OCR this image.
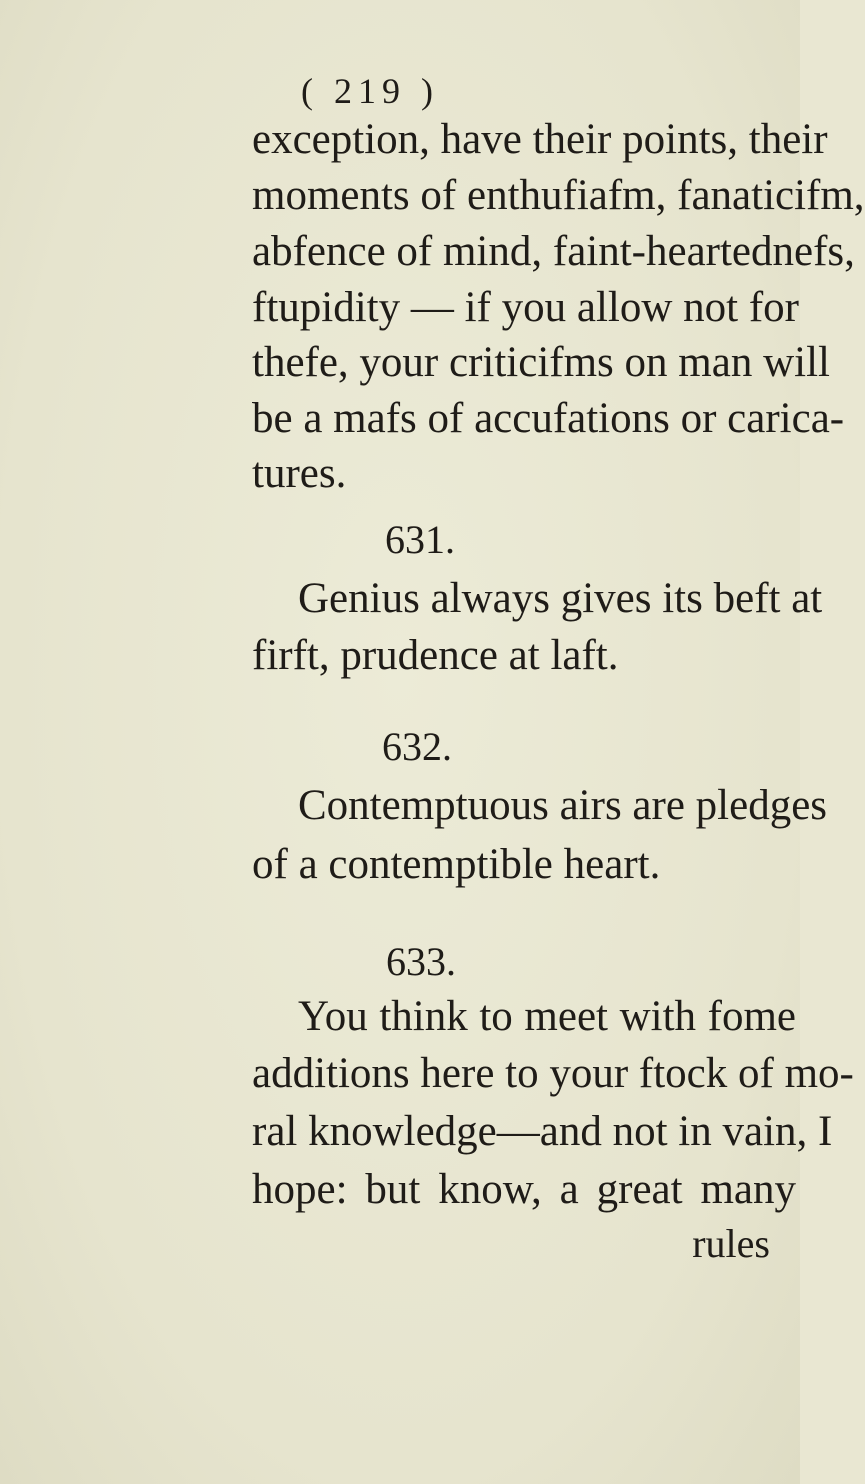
( 219 )
exception, have their points, their
moments of enthufiafm, fanaticifm,
abfence of mind, faint-heartednefs,
ftupidity — if you allow not for
thefe, your criticifms on man will
be a mafs of accufations or carica-
tures.
631.
Genius always gives its beft at
firft, prudence at laft.
632.
Contemptuous airs are pledges
of a contemptible heart.
633.
You think to meet with fome
additions here to your ftock of mo-
ral knowledge—and not in vain, I
hope: but know, a great many
rules
